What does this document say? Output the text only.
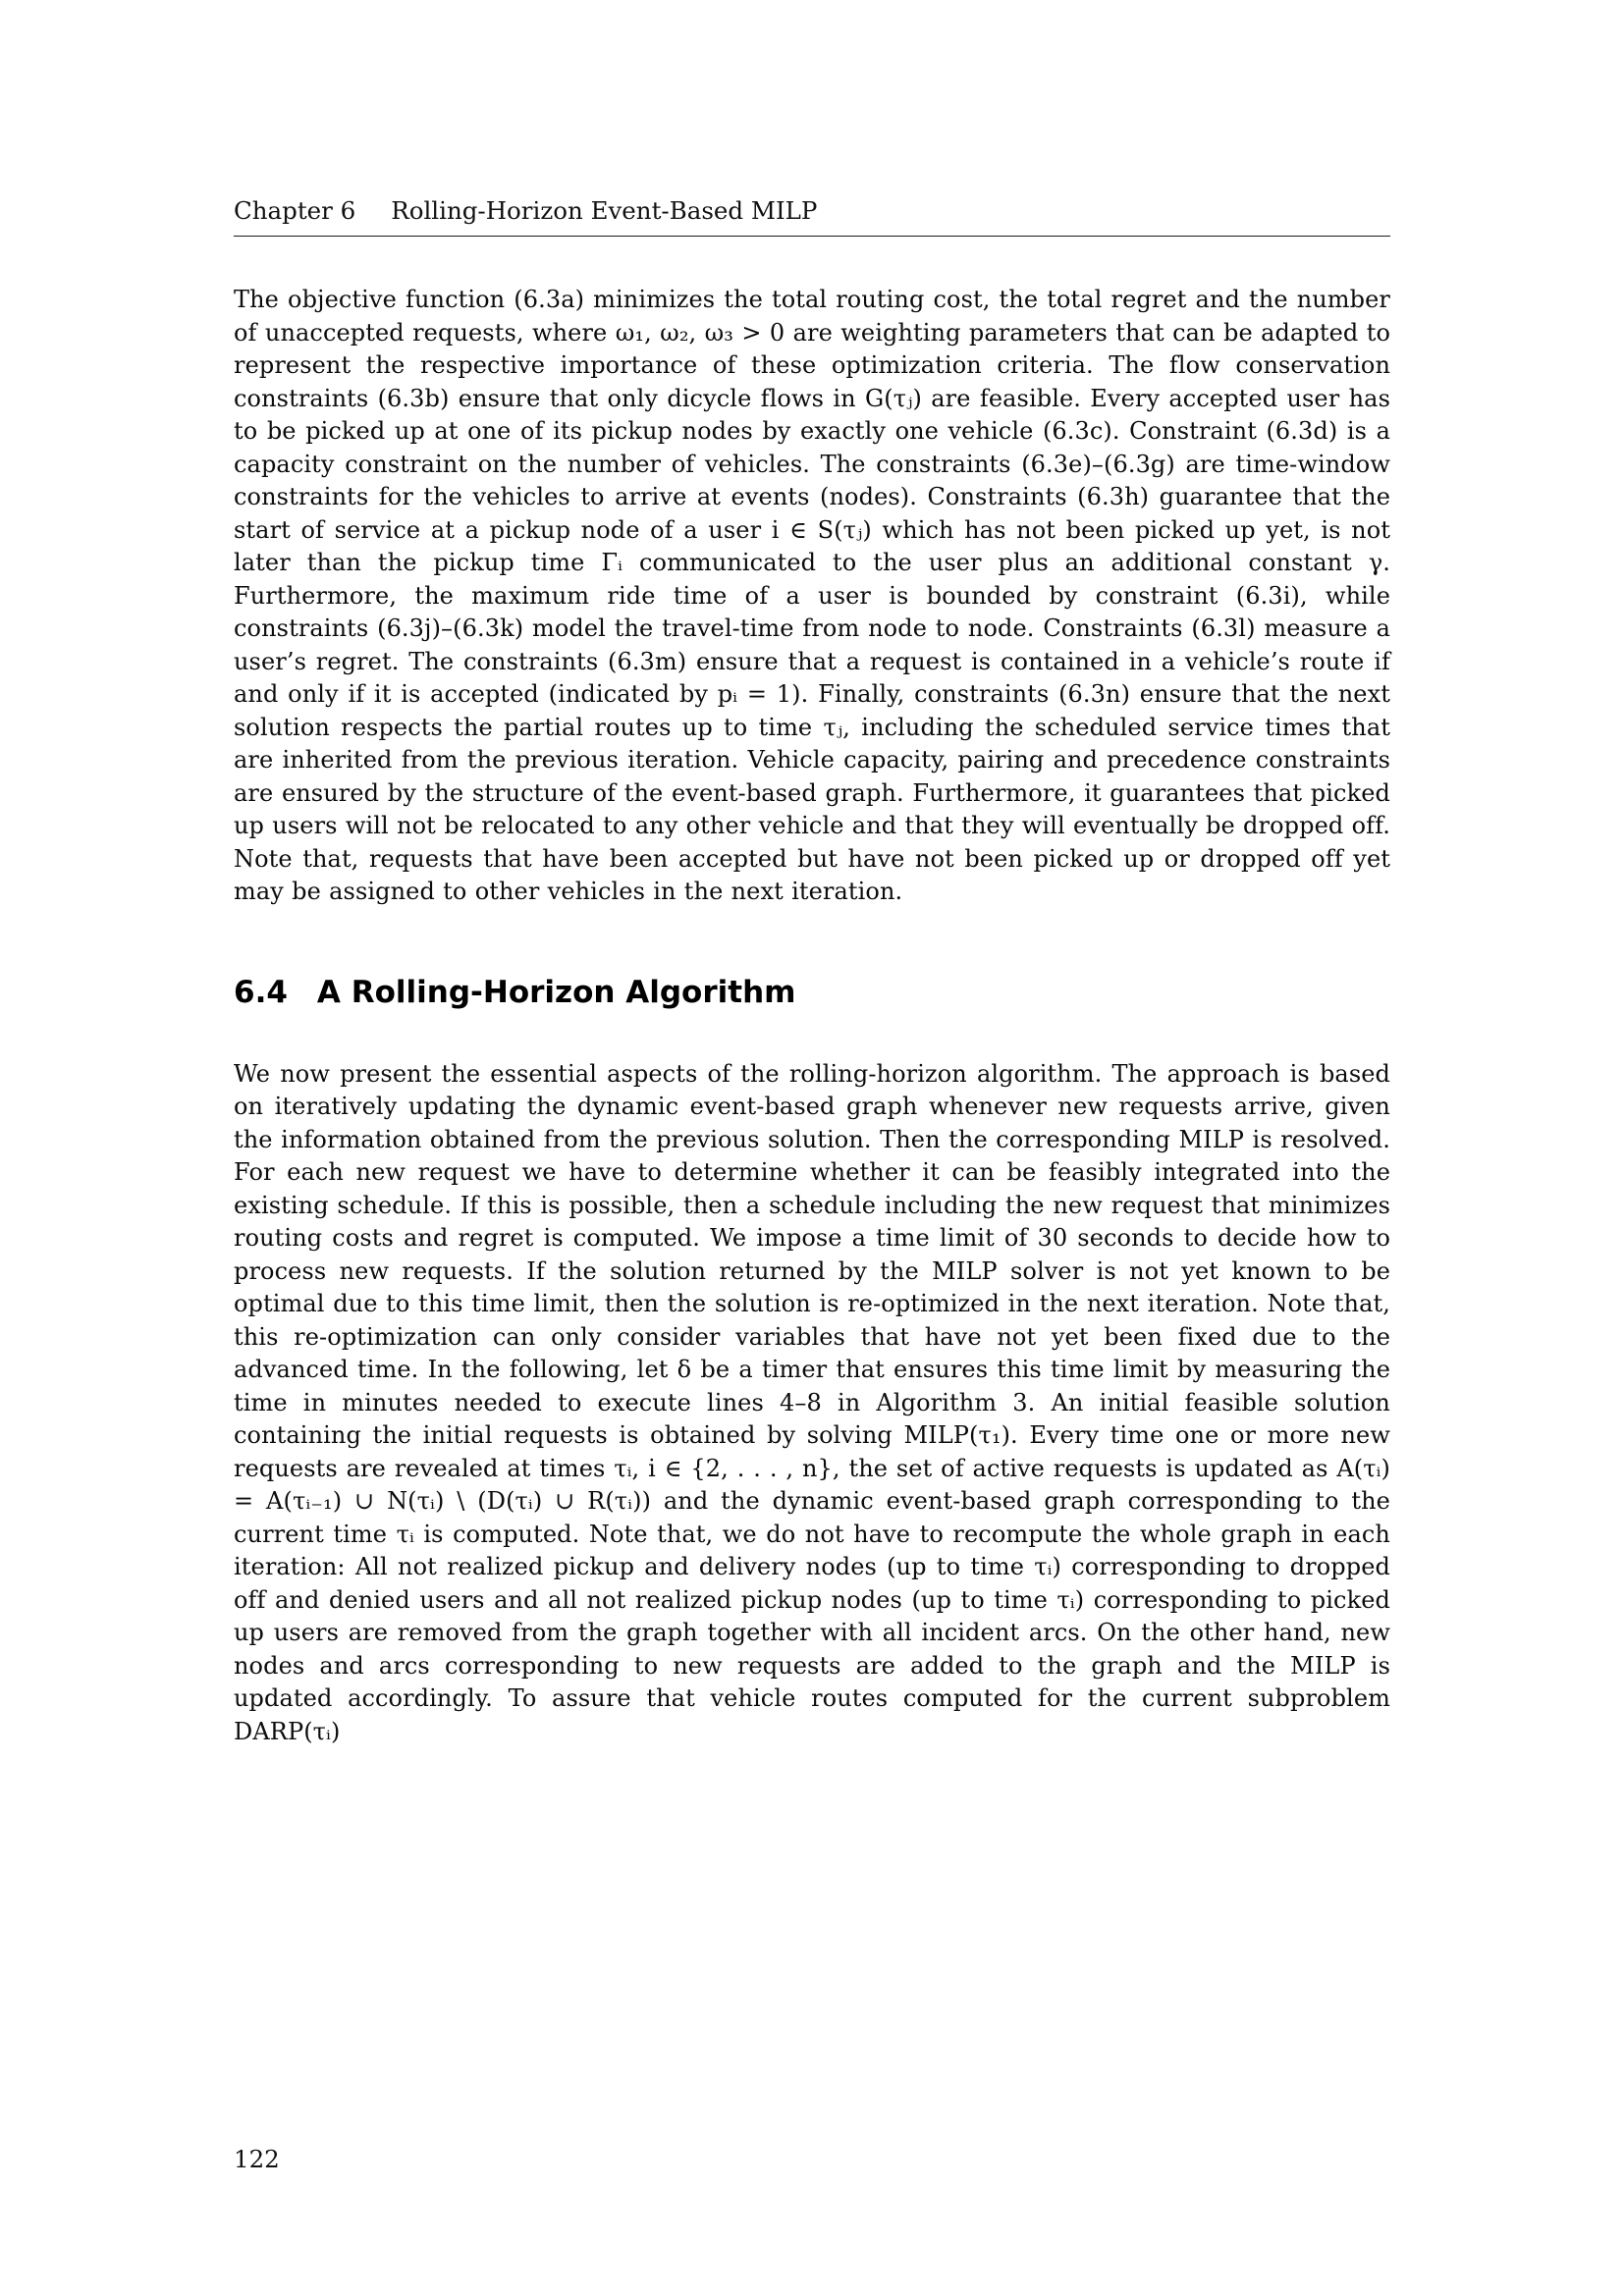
Chapter 6 Rolling-Horizon Event-Based MILP

The objective function (6.3a) minimizes the total routing cost, the total regret and the number of unaccepted requests, where ω₁, ω₂, ω₃ > 0 are weighting parameters that can be adapted to represent the respective importance of these optimization criteria. The flow conservation constraints (6.3b) ensure that only dicycle flows in G(τⱼ) are feasible. Every accepted user has to be picked up at one of its pickup nodes by exactly one vehicle (6.3c). Constraint (6.3d) is a capacity constraint on the number of vehicles. The constraints (6.3e)–(6.3g) are time-window constraints for the vehicles to arrive at events (nodes). Constraints (6.3h) guarantee that the start of service at a pickup node of a user i ∈ S(τⱼ) which has not been picked up yet, is not later than the pickup time Γᵢ communicated to the user plus an additional constant γ. Furthermore, the maximum ride time of a user is bounded by constraint (6.3i), while constraints (6.3j)–(6.3k) model the travel-time from node to node. Constraints (6.3l) measure a user’s regret. The constraints (6.3m) ensure that a request is contained in a vehicle’s route if and only if it is accepted (indicated by pᵢ = 1). Finally, constraints (6.3n) ensure that the next solution respects the partial routes up to time τⱼ, including the scheduled service times that are inherited from the previous iteration. Vehicle capacity, pairing and precedence constraints are ensured by the structure of the event-based graph. Furthermore, it guarantees that picked up users will not be relocated to any other vehicle and that they will eventually be dropped off. Note that, requests that have been accepted but have not been picked up or dropped off yet may be assigned to other vehicles in the next iteration.

6.4 A Rolling-Horizon Algorithm

We now present the essential aspects of the rolling-horizon algorithm. The approach is based on iteratively updating the dynamic event-based graph whenever new requests arrive, given the information obtained from the previous solution. Then the corresponding MILP is resolved. For each new request we have to determine whether it can be feasibly integrated into the existing schedule. If this is possible, then a schedule including the new request that minimizes routing costs and regret is computed. We impose a time limit of 30 seconds to decide how to process new requests. If the solution returned by the MILP solver is not yet known to be optimal due to this time limit, then the solution is re-optimized in the next iteration. Note that, this re-optimization can only consider variables that have not yet been fixed due to the advanced time. In the following, let δ be a timer that ensures this time limit by measuring the time in minutes needed to execute lines 4–8 in Algorithm 3. An initial feasible solution containing the initial requests is obtained by solving MILP(τ₁). Every time one or more new requests are revealed at times τᵢ, i ∈ {2, . . . , n}, the set of active requests is updated as A(τᵢ) = A(τᵢ₋₁) ∪ N(τᵢ) \ (D(τᵢ) ∪ R(τᵢ)) and the dynamic event-based graph corresponding to the current time τᵢ is computed. Note that, we do not have to recompute the whole graph in each iteration: All not realized pickup and delivery nodes (up to time τᵢ) corresponding to dropped off and denied users and all not realized pickup nodes (up to time τᵢ) corresponding to picked up users are removed from the graph together with all incident arcs. On the other hand, new nodes and arcs corresponding to new requests are added to the graph and the MILP is updated accordingly. To assure that vehicle routes computed for the current subproblem DARP(τᵢ)

122
